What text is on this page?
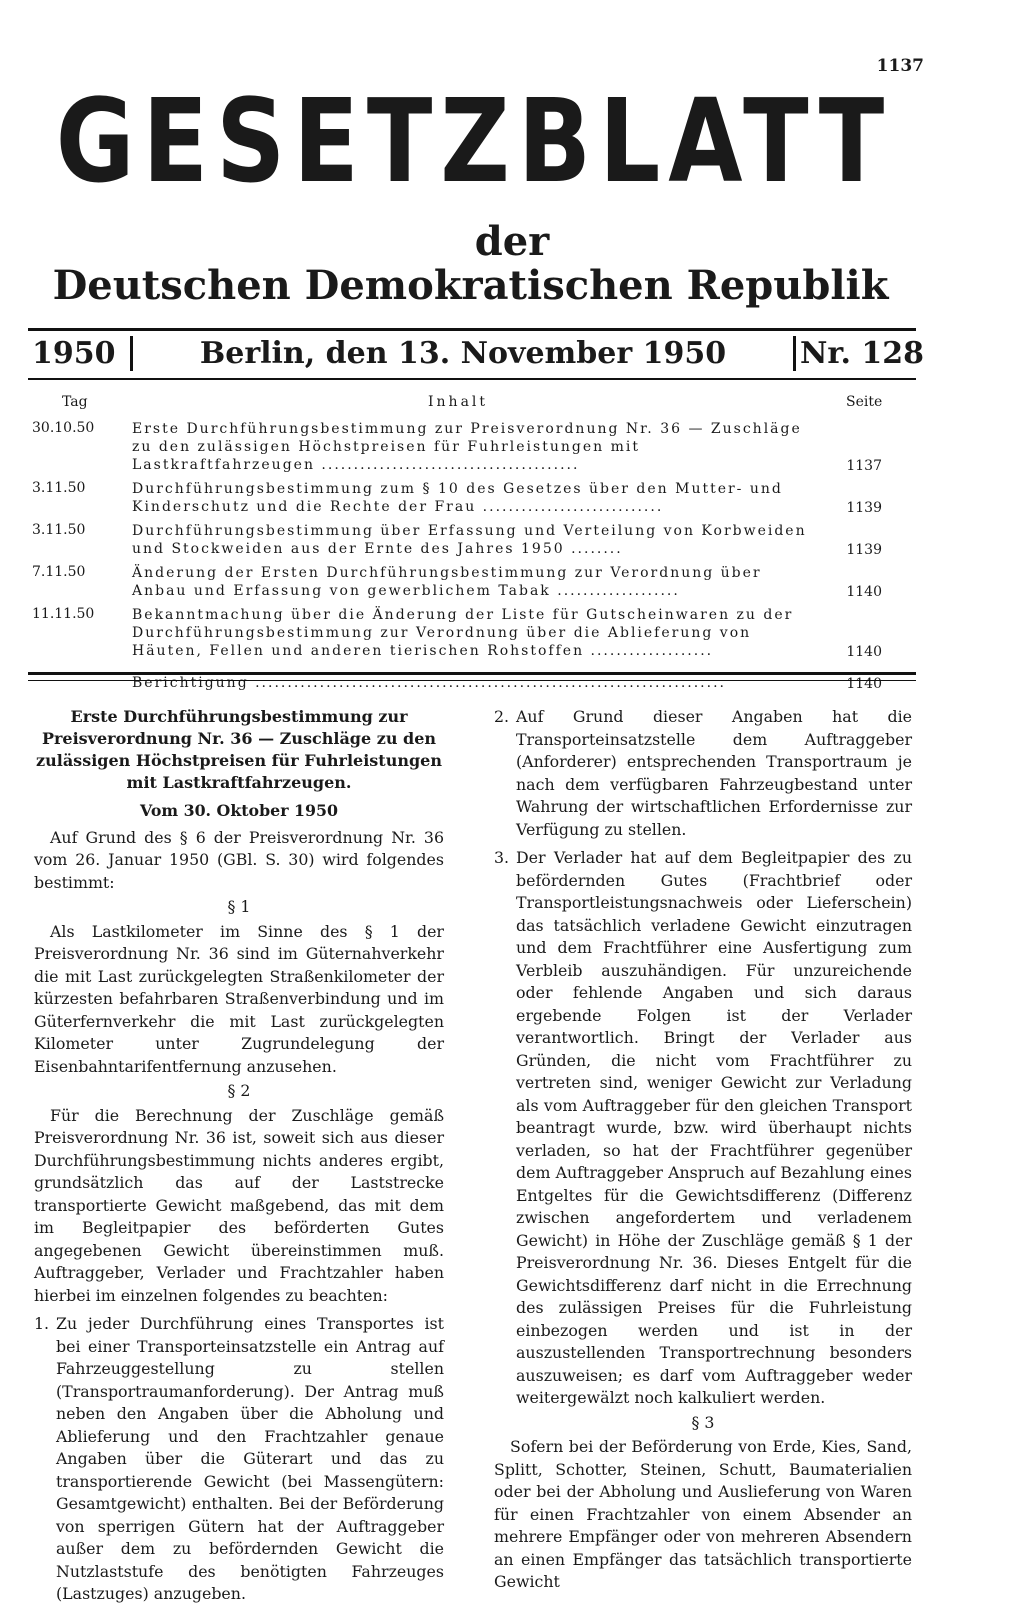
1137
GESETZBLATT
der
Deutschen Demokratischen Republik
1950	Berlin, den 13. November 1950	Nr. 128
Tag	Inhalt	Seite
30.10.50	Erste Durchführungsbestimmung zur Preisverordnung Nr. 36 — Zuschläge zu den zulässigen Höchstpreisen für Fuhrleistungen mit Lastkraftfahrzeugen ........................................	1137
3.11.50	Durchführungsbestimmung zum § 10 des Gesetzes über den Mutter- und Kinderschutz und die Rechte der Frau ............................	1139
3.11.50	Durchführungsbestimmung über Erfassung und Verteilung von Korbweiden und Stockweiden aus der Ernte des Jahres 1950 ........	1139
7.11.50	Änderung der Ersten Durchführungsbestimmung zur Verordnung über Anbau und Erfassung von gewerblichem Tabak ...................	1140
11.11.50	Bekanntmachung über die Änderung der Liste für Gutscheinwaren zu der Durchführungsbestimmung zur Verordnung über die Ablieferung von Häuten, Fellen und anderen tierischen Rohstoffen ...................	1140
Berichtigung .........................................................................	1140
Erste Durchführungsbestimmung zur Preisverordnung Nr. 36 — Zuschläge zu den zulässigen Höchstpreisen für Fuhrleistungen mit Lastkraftfahrzeugen.
Vom 30. Oktober 1950

Auf Grund des § 6 der Preisverordnung Nr. 36 vom 26. Januar 1950 (GBl. S. 30) wird folgendes bestimmt:

§ 1

Als Lastkilometer im Sinne des § 1 der Preisverordnung Nr. 36 sind im Güternahverkehr die mit Last zurückgelegten Straßenkilometer der kürzesten befahrbaren Straßenverbindung und im Güterfernverkehr die mit Last zurückgelegten Kilometer unter Zugrundelegung der Eisenbahntarifentfernung anzusehen.

§ 2

Für die Berechnung der Zuschläge gemäß Preisverordnung Nr. 36 ist, soweit sich aus dieser Durchführungsbestimmung nichts anderes ergibt, grundsätzlich das auf der Laststrecke transportierte Gewicht maßgebend, das mit dem im Begleitpapier des beförderten Gutes angegebenen Gewicht übereinstimmen muß. Auftraggeber, Verlader und Frachtzahler haben hierbei im einzelnen folgendes zu beachten:

1. Zu jeder Durchführung eines Transportes ist bei einer Transporteinsatzstelle ein Antrag auf Fahrzeuggestellung zu stellen (Transportraumanforderung). Der Antrag muß neben den Angaben über die Abholung und Ablieferung und den Frachtzahler genaue Angaben über die Güterart und das zu transportierende Gewicht (bei Massengütern: Gesamtgewicht) enthalten. Bei der Beförderung von sperrigen Gütern hat der Auftraggeber außer dem zu befördernden Gewicht die Nutzlaststufe des benötigten Fahrzeuges (Lastzuges) anzugeben.
2. Auf Grund dieser Angaben hat die Transporteinsatzstelle dem Auftraggeber (Anforderer) entsprechenden Transportraum je nach dem verfügbaren Fahrzeugbestand unter Wahrung der wirtschaftlichen Erfordernisse zur Verfügung zu stellen.
3. Der Verlader hat auf dem Begleitpapier des zu befördernden Gutes (Frachtbrief oder Transportleistungsnachweis oder Lieferschein) das tatsächlich verladene Gewicht einzutragen und dem Frachtführer eine Ausfertigung zum Verbleib auszuhändigen. Für unzureichende oder fehlende Angaben und sich daraus ergebende Folgen ist der Verlader verantwortlich. Bringt der Verlader aus Gründen, die nicht vom Frachtführer zu vertreten sind, weniger Gewicht zur Verladung als vom Auftraggeber für den gleichen Transport beantragt wurde, bzw. wird überhaupt nichts verladen, so hat der Frachtführer gegenüber dem Auftraggeber Anspruch auf Bezahlung eines Entgeltes für die Gewichtsdifferenz (Differenz zwischen angefordertem und verladenem Gewicht) in Höhe der Zuschläge gemäß § 1 der Preisverordnung Nr. 36. Dieses Entgelt für die Gewichtsdifferenz darf nicht in die Errechnung des zulässigen Preises für die Fuhrleistung einbezogen werden und ist in der auszustellenden Transportrechnung besonders auszuweisen; es darf vom Auftraggeber weder weitergewälzt noch kalkuliert werden.
§ 3

Sofern bei der Beförderung von Erde, Kies, Sand, Splitt, Schotter, Steinen, Schutt, Baumaterialien oder bei der Abholung und Auslieferung von Waren für einen Frachtzahler von einem Absender an mehrere Empfänger oder von mehreren Absendern an einen Empfänger das tatsächlich transportierte Gewicht
